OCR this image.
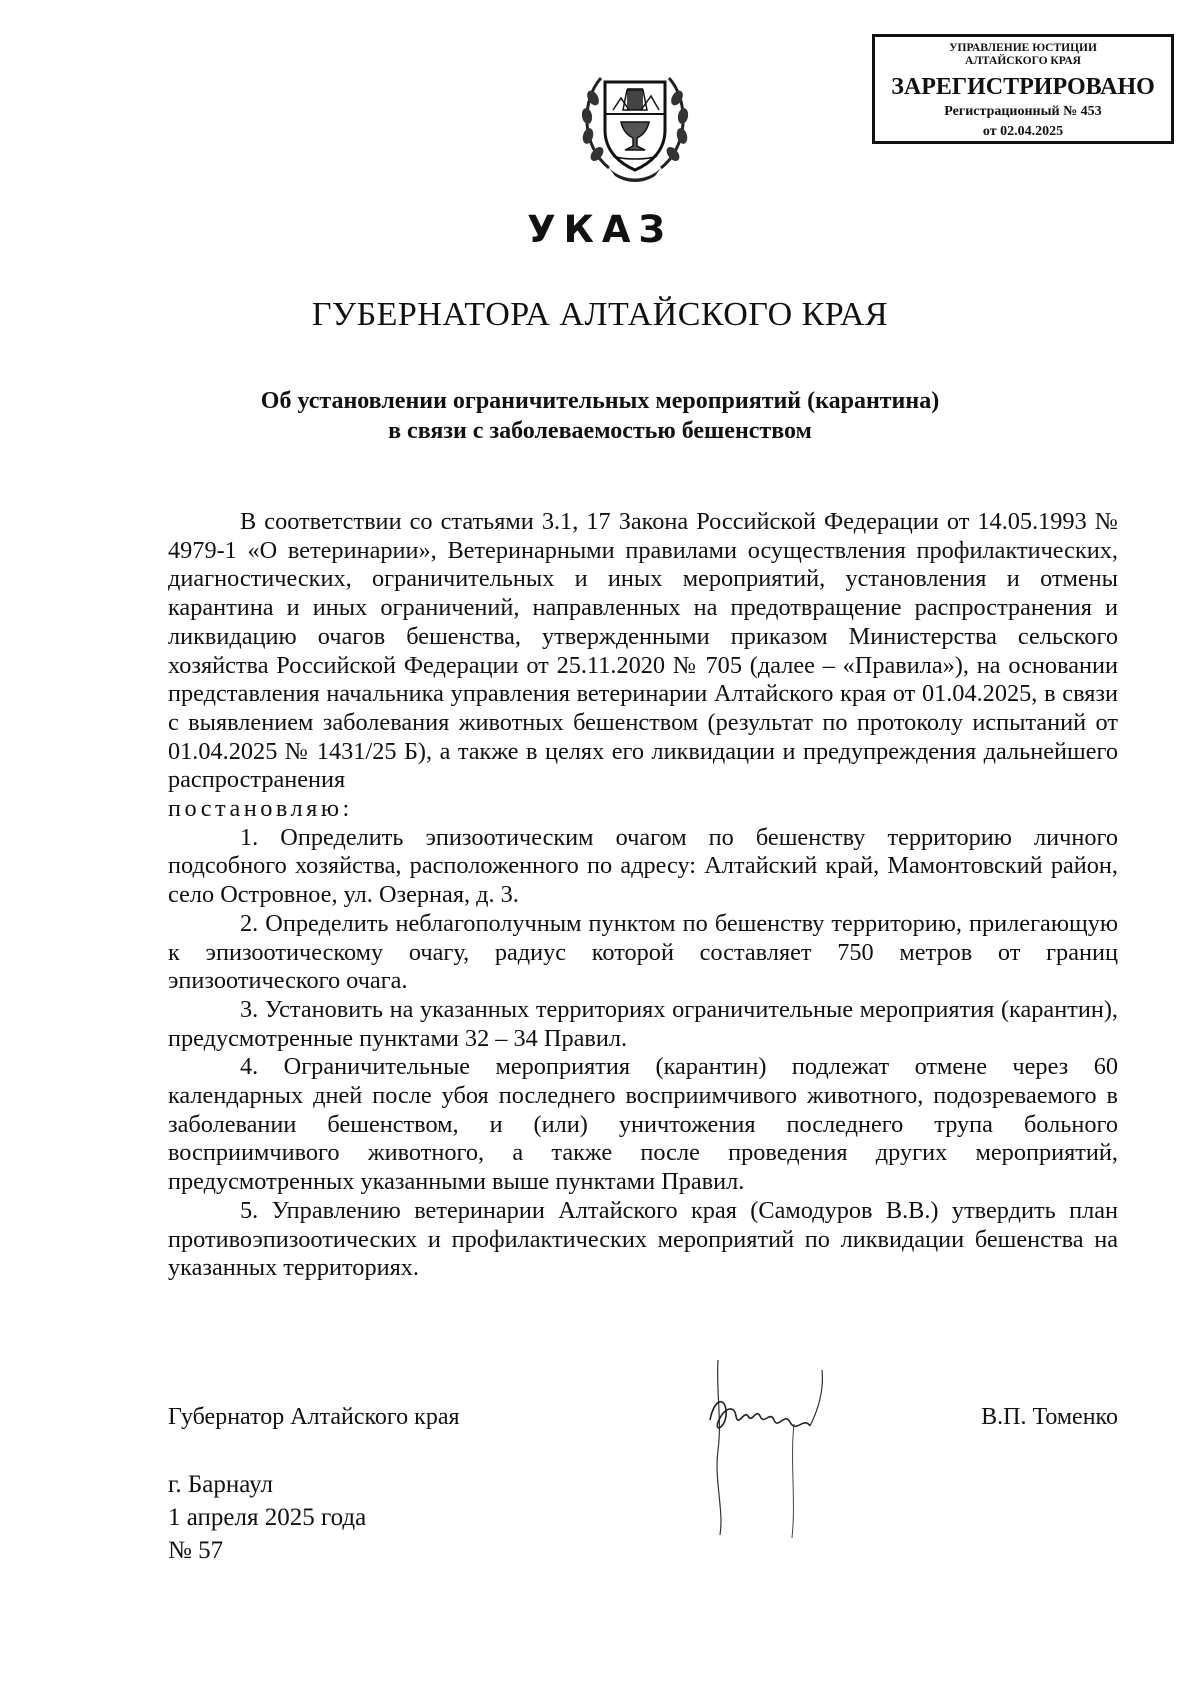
УПРАВЛЕНИЕ ЮСТИЦИИ
АЛТАЙСКОГО КРАЯ
ЗАРЕГИСТРИРОВАНО
Регистрационный № 453
от 02.04.2025
УКАЗ
ГУБЕРНАТОРА АЛТАЙСКОГО КРАЯ
Об установлении ограничительных мероприятий (карантина)
в связи с заболеваемостью бешенством

В соответствии со статьями 3.1, 17 Закона Российской Федерации от 14.05.1993 № 4979-1 «О ветеринарии», Ветеринарными правилами осуществления профилактических, диагностических, ограничительных и иных мероприятий, установления и отмены карантина и иных ограничений, направленных на предотвращение распространения и ликвидацию очагов бешенства, утвержденными приказом Министерства сельского хозяйства Российской Федерации от 25.11.2020 № 705 (далее – «Правила»), на основании представления начальника управления ветеринарии Алтайского края от 01.04.2025, в связи с выявлением заболевания животных бешенством (результат по протоколу испытаний от 01.04.2025 № 1431/25 Б), а также в целях его ликвидации и предупреждения дальнейшего распространения

постановляю:

1. Определить эпизоотическим очагом по бешенству территорию личного подсобного хозяйства, расположенного по адресу: Алтайский край, Мамонтовский район, село Островное, ул. Озерная, д. 3.

2. Определить неблагополучным пунктом по бешенству территорию, прилегающую к эпизоотическому очагу, радиус которой составляет 750 метров от границ эпизоотического очага.

3. Установить на указанных территориях ограничительные мероприятия (карантин), предусмотренные пунктами 32 – 34 Правил.

4. Ограничительные мероприятия (карантин) подлежат отмене через 60 календарных дней после убоя последнего восприимчивого животного, подозреваемого в заболевании бешенством, и (или) уничтожения последнего трупа больного восприимчивого животного, а также после проведения других мероприятий, предусмотренных указанными выше пунктами Правил.

5. Управлению ветеринарии Алтайского края (Самодуров В.В.) утвердить план противоэпизоотических и профилактических мероприятий по ликвидации бешенства на указанных территориях.

Губернатор Алтайского края	В.П. Томенко
г. Барнаул
1 апреля 2025 года
№ 57
